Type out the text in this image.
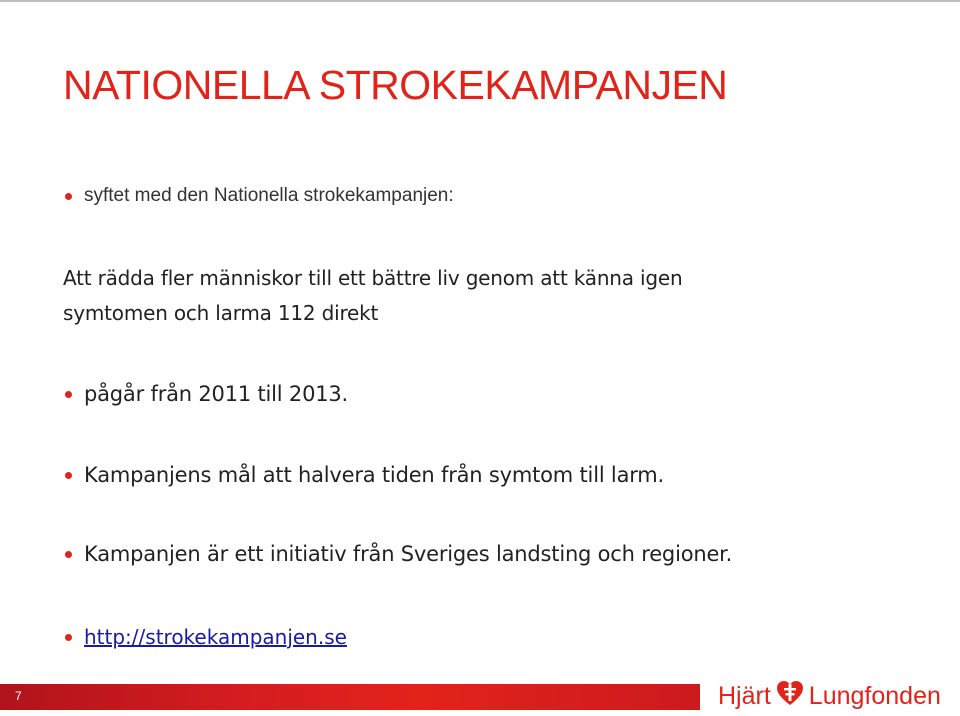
NATIONELLA STROKEKAMPANJEN
syftet med den Nationella strokekampanjen:
Att rädda fler människor till ett bättre liv genom att känna igen
symtomen och larma 112 direkt
pågår från 2011 till 2013.
Kampanjens mål att halvera tiden från symtom till larm.
Kampanjen är ett initiativ från Sveriges landsting och regioner.
http://strokekampanjen.se
7	Hjärt Lungfonden
